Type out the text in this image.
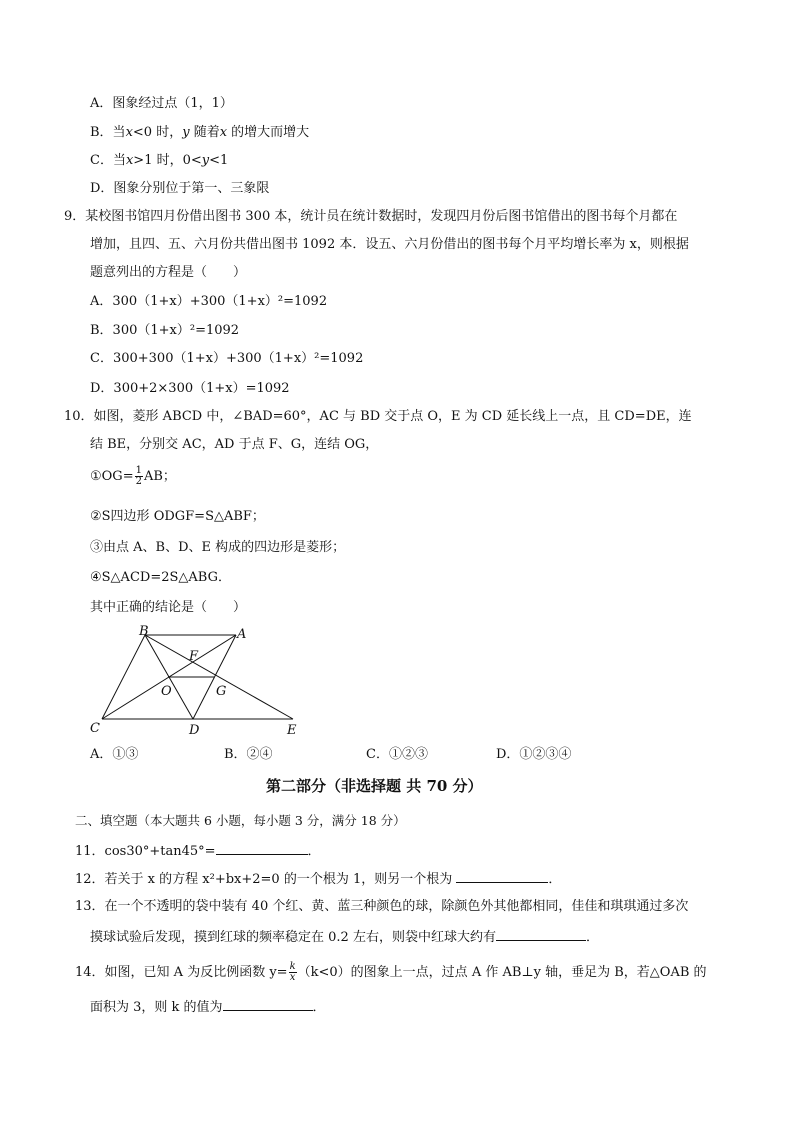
A．图象经过点（1，1）
B．当x<0 时，y 随着x 的增大而增大
C．当x>1 时，0<y<1
D．图象分别位于第一、三象限
9．某校图书馆四月份借出图书 300 本，统计员在统计数据时，发现四月份后图书馆借出的图书每个月都在
增加，且四、五、六月份共借出图书 1092 本．设五、六月份借出的图书每个月平均增长率为 x，则根据
题意列出的方程是（　　）
A．300（1+x）+300（1+x）²=1092
B．300（1+x）²=1092
C．300+300（1+x）+300（1+x）²=1092
D．300+2×300（1+x）=1092
10．如图，菱形 ABCD 中，∠BAD=60°，AC 与 BD 交于点 O，E 为 CD 延长线上一点，且 CD=DE，连
结 BE，分别交 AC，AD 于点 F、G，连结 OG，
①OG= $\frac{1}{2}$ AB；
②S四边形 ODGF=S△ABF；
③由点 A、B、D、E 构成的四边形是菱形；
④S△ACD=2S△ABG．
其中正确的结论是（　　）
B	A
F
O	G
C	D	E
A．①③	B．②④	C．①②③	D．①②③④
第二部分（非选择题 共 70 分）
二、填空题（本大题共 6 小题，每小题 3 分，满分 18 分）
11．cos30°+tan45°=	．
12．若关于 x 的方程 x²+bx+2=0 的一个根为 1，则另一个根为	．
13．在一个不透明的袋中装有 40 个红、黄、蓝三种颜色的球，除颜色外其他都相同，佳佳和琪琪通过多次
摸球试验后发现，摸到红球的频率稳定在 0.2 左右，则袋中红球大约有	．
14．如图，已知 A 为反比例函数 $y= \frac{k}{x} (k<0)$的图象上一点，过点 A 作 AB⊥y 轴，垂足为 B，若△OAB 的
面积为 3，则 k 的值为	．
